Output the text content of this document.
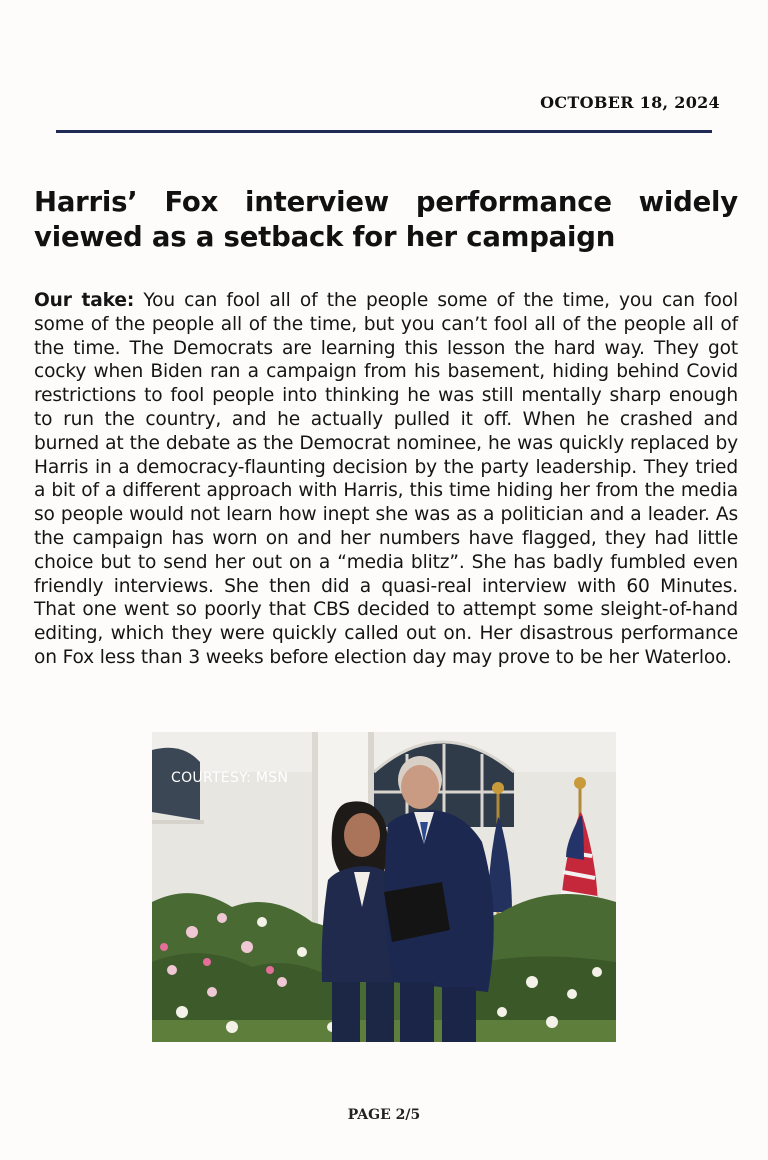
OCTOBER 18, 2024
Harris’ Fox interview performance widely viewed as a setback for her campaign

Our take: You can fool all of the people some of the time, you can fool some of the people all of the time, but you can’t fool all of the people all of the time. The Democrats are learning this lesson the hard way. They got cocky when Biden ran a campaign from his basement, hiding behind Covid restrictions to fool people into thinking he was still mentally sharp enough to run the country, and he actually pulled it off. When he crashed and burned at the debate as the Democrat nominee, he was quickly replaced by Harris in a democracy-flaunting decision by the party leadership. They tried a bit of a different approach with Harris, this time hiding her from the media so people would not learn how inept she was as a politician and a leader. As the campaign has worn on and her numbers have flagged, they had little choice but to send her out on a “media blitz”. She has badly fumbled even friendly interviews. She then did a quasi-real interview with 60 Minutes. That one went so poorly that CBS decided to attempt some sleight-of-hand editing, which they were quickly called out on. Her disastrous performance on Fox less than 3 weeks before election day may prove to be her Waterloo.

COURTESY: MSN
PAGE 2/5
